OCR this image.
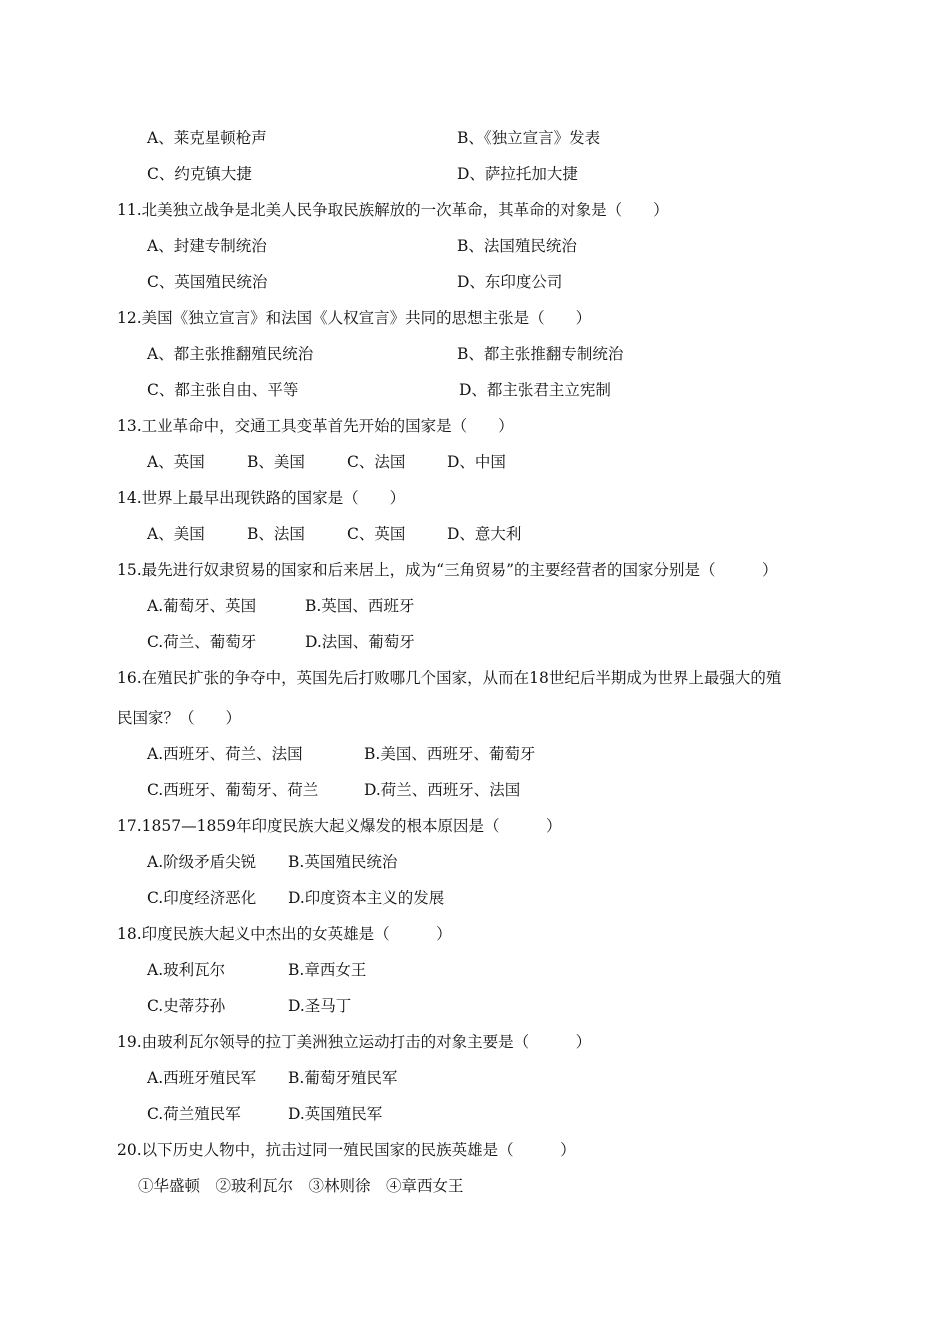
A、莱克星顿枪声	B、《独立宣言》发表
C、约克镇大捷	D、萨拉托加大捷
11.北美独立战争是北美人民争取民族解放的一次革命，其革命的对象是（　　）
A、封建专制统治	B、法国殖民统治
C、英国殖民统治	D、东印度公司
12.美国《独立宣言》和法国《人权宣言》共同的思想主张是（　　）
A、都主张推翻殖民统治	B、都主张推翻专制统治
C、都主张自由、平等	D、都主张君主立宪制
13.工业革命中，交通工具变革首先开始的国家是（　　）
A、英国	B、美国	C、法国	D、中国
14.世界上最早出现铁路的国家是（　　）
A、美国	B、法国	C、英国	D、意大利
15.最先进行奴隶贸易的国家和后来居上，成为“三角贸易”的主要经营者的国家分别是（　　　）
A.葡萄牙、英国	B.英国、西班牙
C.荷兰、葡萄牙	D.法国、葡萄牙
16.在殖民扩张的争夺中，英国先后打败哪几个国家，从而在18世纪后半期成为世界上最强大的殖
民国家？（　　）
A.西班牙、荷兰、法国	B.美国、西班牙、葡萄牙
C.西班牙、葡萄牙、荷兰	D.荷兰、西班牙、法国
17.1857—1859年印度民族大起义爆发的根本原因是（　　　）
A.阶级矛盾尖锐 B.英国殖民统治
C.印度经济恶化 D.印度资本主义的发展
18.印度民族大起义中杰出的女英雄是（　　　）
A.玻利瓦尔	B.章西女王
C.史蒂芬孙	D.圣马丁
19.由玻利瓦尔领导的拉丁美洲独立运动打击的对象主要是（　　　）
A.西班牙殖民军 B.葡萄牙殖民军
C.荷兰殖民军	D.英国殖民军
20.以下历史人物中，抗击过同一殖民国家的民族英雄是（　　　）
①华盛顿　②玻利瓦尔　③林则徐　④章西女王
